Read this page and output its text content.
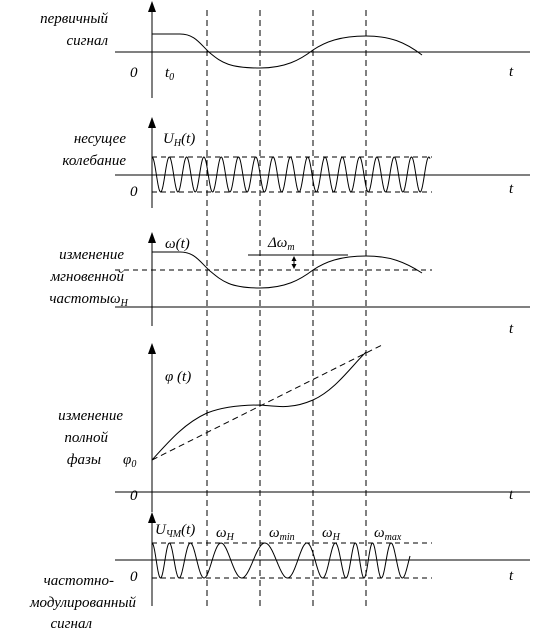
первичный
сигнал
0 $t_0$	t
несущее
колебание
$U_H(t)$
0	t
изменение
мгновенной
частоты $\omega_H$
ω(t)	$\Delta\omega_m$
t
изменение
полной
фазы
φ (t)
$\varphi_0$
0	t
частотно-
модулированный
сигнал
$U_{ЧМ}(t)$ $\omega_H$ $\omega_{min}$ $\omega_H$ $\omega_{max}$
0	t
